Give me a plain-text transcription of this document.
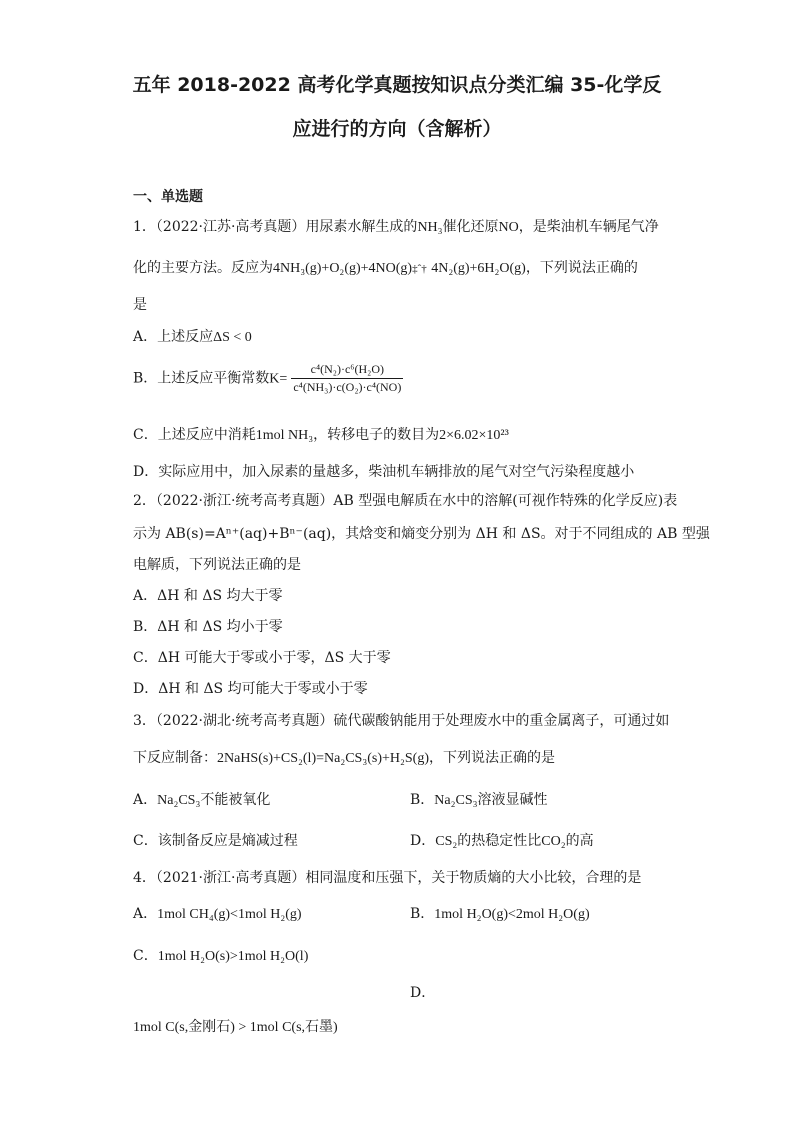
五年 2018-2022 高考化学真题按知识点分类汇编 35-化学反
应进行的方向（含解析）
一、单选题
1．（2022·江苏·高考真题）用尿素水解生成的NH₃催化还原NO，是柴油机车辆尾气净
化的主要方法。反应为4NH₃(g)+O₂(g)+4NO(g)‡ˆ† 4N₂(g)+6H₂O(g)，下列说法正确的
是
A．上述反应ΔS < 0
B．上述反应平衡常数$K= \frac{\text{c⁴(N₂)·c⁶(H₂O)}}{\text{c⁴(NH₃)·c(O₂)·c⁴(NO)}}$
C．上述反应中消耗1mol NH₃，转移电子的数目为2×6.02×10²³
D．实际应用中，加入尿素的量越多，柴油机车辆排放的尾气对空气污染程度越小
2．（2022·浙江·统考高考真题）AB 型强电解质在水中的溶解(可视作特殊的化学反应)表
示为 AB(s)=Aⁿ⁺(aq)+Bⁿ⁻(aq)，其焓变和熵变分别为 ΔH 和 ΔS。对于不同组成的 AB 型强
电解质，下列说法正确的是
A．ΔH 和 ΔS 均大于零
B．ΔH 和 ΔS 均小于零
C．ΔH 可能大于零或小于零，ΔS 大于零
D．ΔH 和 ΔS 均可能大于零或小于零
3．（2022·湖北·统考高考真题）硫代碳酸钠能用于处理废水中的重金属离子，可通过如
下反应制备：2NaHS(s)+CS₂(l)=Na₂CS₃(s)+H₂S(g)，下列说法正确的是
A．Na₂CS₃不能被氧化	B．Na₂CS₃溶液显碱性
C．该制备反应是熵减过程	D．CS₂的热稳定性比CO₂的高
4．（2021·浙江·高考真题）相同温度和压强下，关于物质熵的大小比较，合理的是
A．1mol CH₄(g)<1mol H₂(g)	B．1mol H₂O(g)<2mol H₂O(g)
C．1mol H₂O(s)>1mol H₂O(l)
D．
1mol C(s,金刚石) > 1mol C(s,石墨)
